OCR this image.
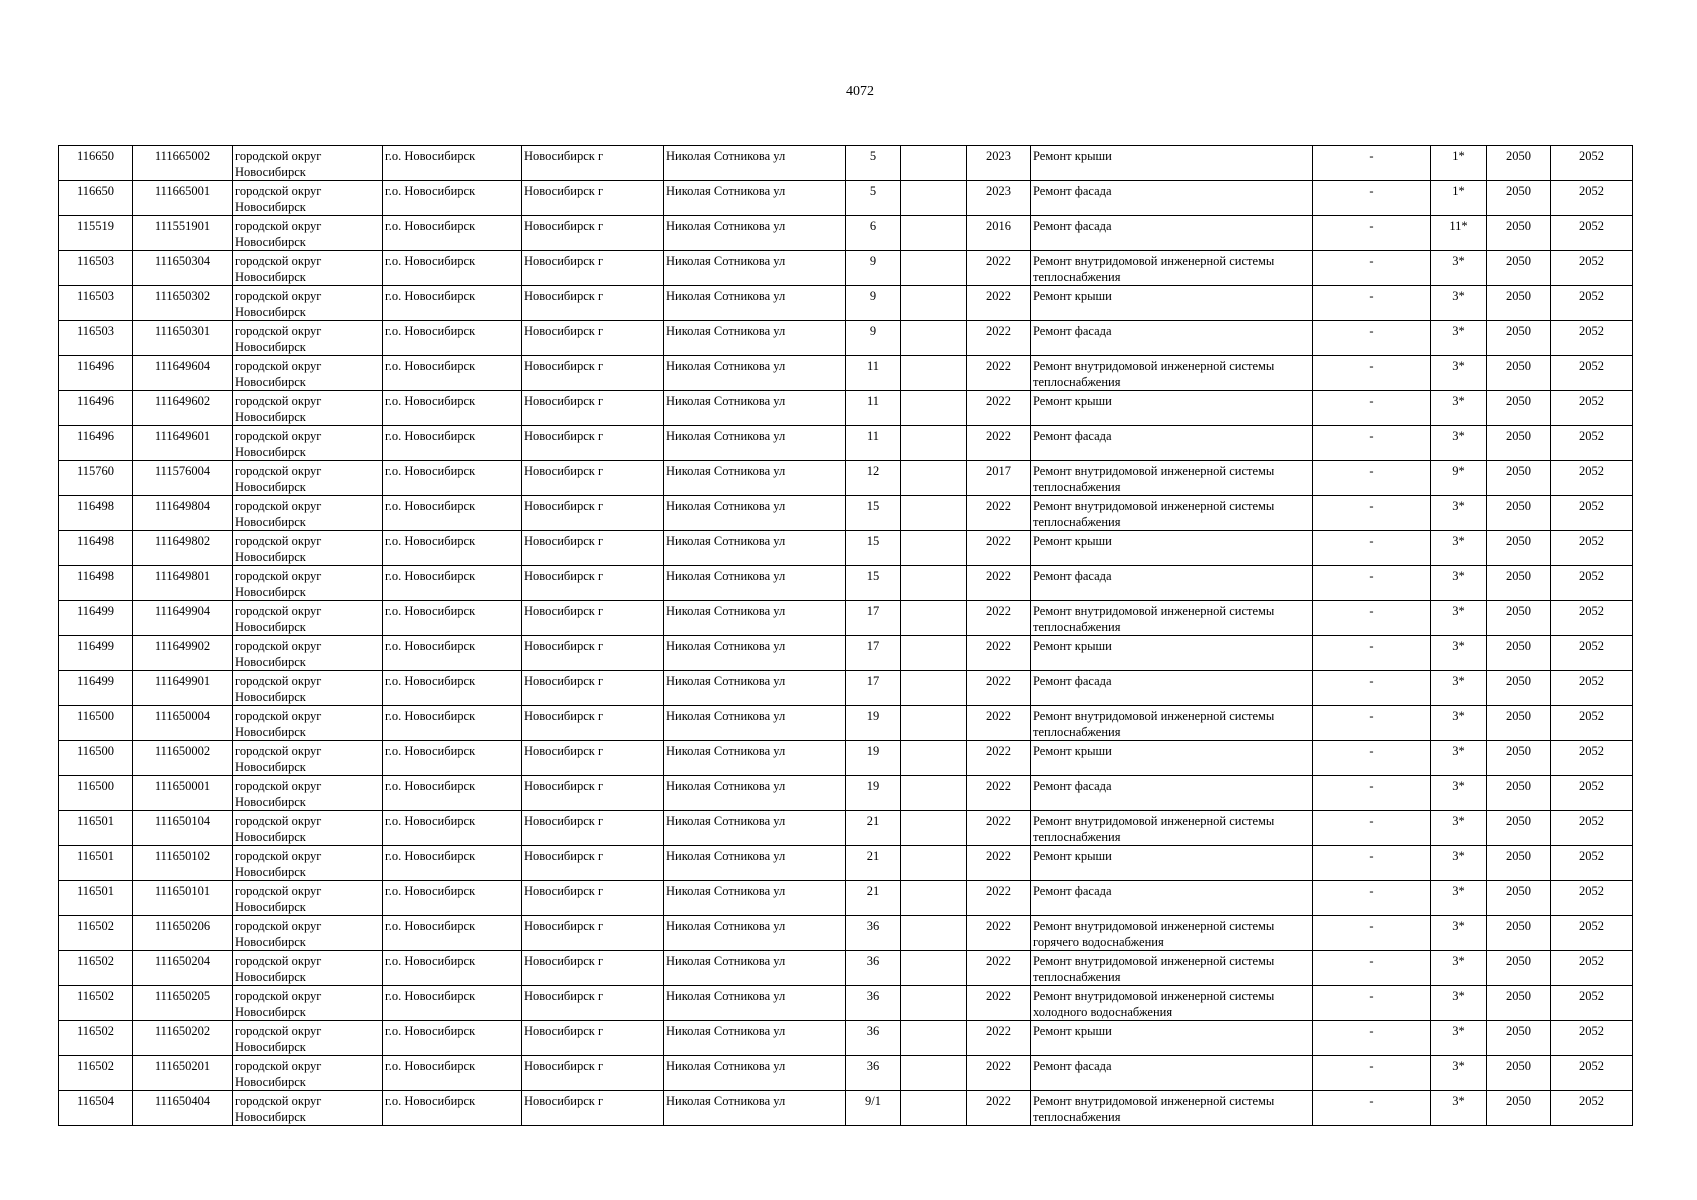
4072
116650	111665002	городской округ Новосибирск	г.о. Новосибирск	Новосибирск г	Николая Сотникова ул	5		2023	Ремонт крыши	-	1*	2050	2052
116650	111665001	городской округ Новосибирск	г.о. Новосибирск	Новосибирск г	Николая Сотникова ул	5		2023	Ремонт фасада	-	1*	2050	2052
115519	111551901	городской округ Новосибирск	г.о. Новосибирск	Новосибирск г	Николая Сотникова ул	6		2016	Ремонт фасада	-	11*	2050	2052
116503	111650304	городской округ Новосибирск	г.о. Новосибирск	Новосибирск г	Николая Сотникова ул	9		2022	Ремонт внутридомовой инженерной системы теплоснабжения	-	3*	2050	2052
116503	111650302	городской округ Новосибирск	г.о. Новосибирск	Новосибирск г	Николая Сотникова ул	9		2022	Ремонт крыши	-	3*	2050	2052
116503	111650301	городской округ Новосибирск	г.о. Новосибирск	Новосибирск г	Николая Сотникова ул	9		2022	Ремонт фасада	-	3*	2050	2052
116496	111649604	городской округ Новосибирск	г.о. Новосибирск	Новосибирск г	Николая Сотникова ул	11		2022	Ремонт внутридомовой инженерной системы теплоснабжения	-	3*	2050	2052
116496	111649602	городской округ Новосибирск	г.о. Новосибирск	Новосибирск г	Николая Сотникова ул	11		2022	Ремонт крыши	-	3*	2050	2052
116496	111649601	городской округ Новосибирск	г.о. Новосибирск	Новосибирск г	Николая Сотникова ул	11		2022	Ремонт фасада	-	3*	2050	2052
115760	111576004	городской округ Новосибирск	г.о. Новосибирск	Новосибирск г	Николая Сотникова ул	12		2017	Ремонт внутридомовой инженерной системы теплоснабжения	-	9*	2050	2052
116498	111649804	городской округ Новосибирск	г.о. Новосибирск	Новосибирск г	Николая Сотникова ул	15		2022	Ремонт внутридомовой инженерной системы теплоснабжения	-	3*	2050	2052
116498	111649802	городской округ Новосибирск	г.о. Новосибирск	Новосибирск г	Николая Сотникова ул	15		2022	Ремонт крыши	-	3*	2050	2052
116498	111649801	городской округ Новосибирск	г.о. Новосибирск	Новосибирск г	Николая Сотникова ул	15		2022	Ремонт фасада	-	3*	2050	2052
116499	111649904	городской округ Новосибирск	г.о. Новосибирск	Новосибирск г	Николая Сотникова ул	17		2022	Ремонт внутридомовой инженерной системы теплоснабжения	-	3*	2050	2052
116499	111649902	городской округ Новосибирск	г.о. Новосибирск	Новосибирск г	Николая Сотникова ул	17		2022	Ремонт крыши	-	3*	2050	2052
116499	111649901	городской округ Новосибирск	г.о. Новосибирск	Новосибирск г	Николая Сотникова ул	17		2022	Ремонт фасада	-	3*	2050	2052
116500	111650004	городской округ Новосибирск	г.о. Новосибирск	Новосибирск г	Николая Сотникова ул	19		2022	Ремонт внутридомовой инженерной системы теплоснабжения	-	3*	2050	2052
116500	111650002	городской округ Новосибирск	г.о. Новосибирск	Новосибирск г	Николая Сотникова ул	19		2022	Ремонт крыши	-	3*	2050	2052
116500	111650001	городской округ Новосибирск	г.о. Новосибирск	Новосибирск г	Николая Сотникова ул	19		2022	Ремонт фасада	-	3*	2050	2052
116501	111650104	городской округ Новосибирск	г.о. Новосибирск	Новосибирск г	Николая Сотникова ул	21		2022	Ремонт внутридомовой инженерной системы теплоснабжения	-	3*	2050	2052
116501	111650102	городской округ Новосибирск	г.о. Новосибирск	Новосибирск г	Николая Сотникова ул	21		2022	Ремонт крыши	-	3*	2050	2052
116501	111650101	городской округ Новосибирск	г.о. Новосибирск	Новосибирск г	Николая Сотникова ул	21		2022	Ремонт фасада	-	3*	2050	2052
116502	111650206	городской округ Новосибирск	г.о. Новосибирск	Новосибирск г	Николая Сотникова ул	36		2022	Ремонт внутридомовой инженерной системы горячего водоснабжения	-	3*	2050	2052
116502	111650204	городской округ Новосибирск	г.о. Новосибирск	Новосибирск г	Николая Сотникова ул	36		2022	Ремонт внутридомовой инженерной системы теплоснабжения	-	3*	2050	2052
116502	111650205	городской округ Новосибирск	г.о. Новосибирск	Новосибирск г	Николая Сотникова ул	36		2022	Ремонт внутридомовой инженерной системы холодного водоснабжения	-	3*	2050	2052
116502	111650202	городской округ Новосибирск	г.о. Новосибирск	Новосибирск г	Николая Сотникова ул	36		2022	Ремонт крыши	-	3*	2050	2052
116502	111650201	городской округ Новосибирск	г.о. Новосибирск	Новосибирск г	Николая Сотникова ул	36		2022	Ремонт фасада	-	3*	2050	2052
116504	111650404	городской округ Новосибирск	г.о. Новосибирск	Новосибирск г	Николая Сотникова ул	9/1		2022	Ремонт внутридомовой инженерной системы теплоснабжения	-	3*	2050	2052
